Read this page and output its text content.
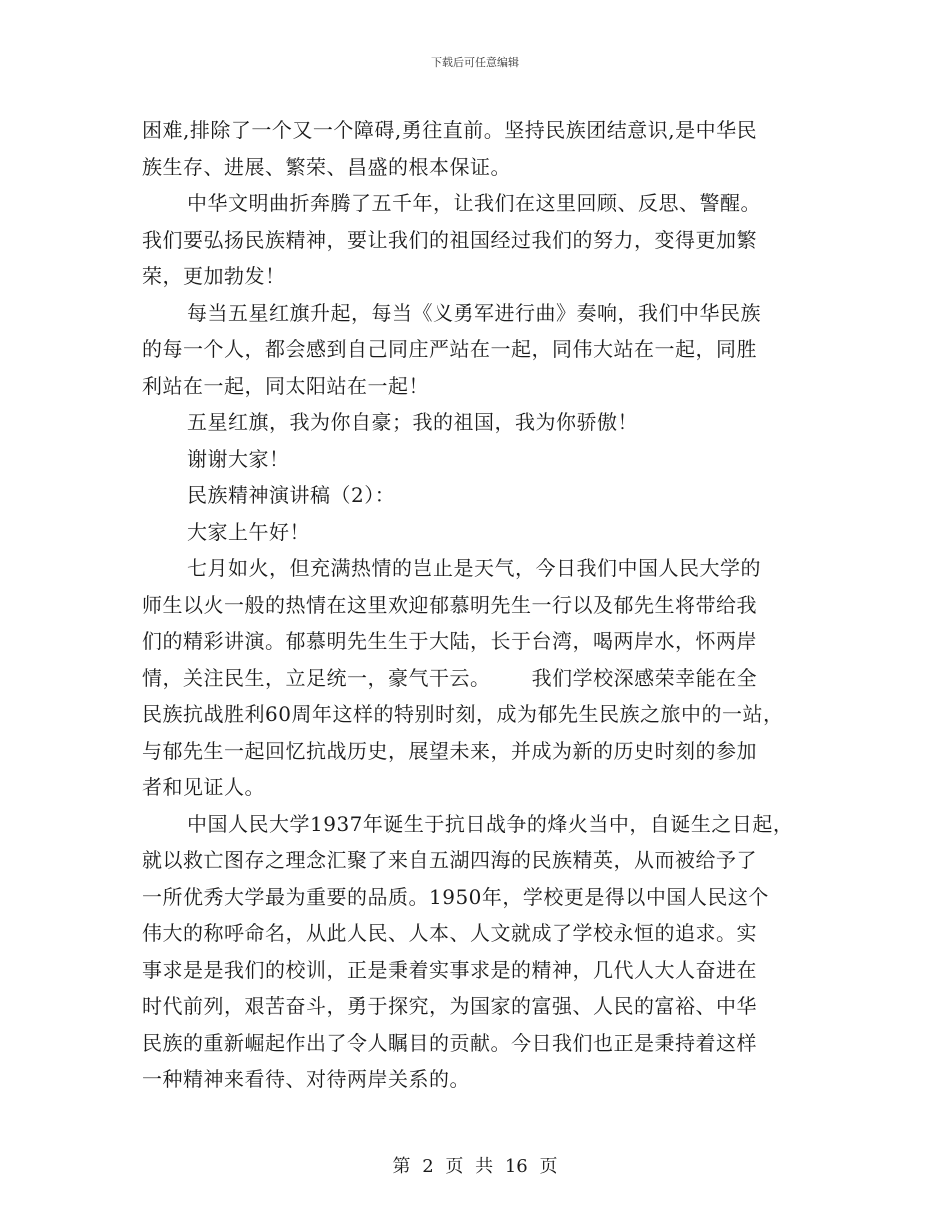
下载后可任意编辑
困难,排除了一个又一个障碍,勇往直前。坚持民族团结意识,是中华民
族生存、进展、繁荣、昌盛的根本保证。
中华文明曲折奔腾了五千年，让我们在这里回顾、反思、警醒。
我们要弘扬民族精神，要让我们的祖国经过我们的努力，变得更加繁
荣，更加勃发！
每当五星红旗升起，每当《义勇军进行曲》奏响，我们中华民族
的每一个人，都会感到自己同庄严站在一起，同伟大站在一起，同胜
利站在一起，同太阳站在一起！
五星红旗，我为你自豪；我的祖国，我为你骄傲！
谢谢大家！
民族精神演讲稿（2）：
大家上午好！
七月如火，但充满热情的岂止是天气，今日我们中国人民大学的
师生以火一般的热情在这里欢迎郁慕明先生一行以及郁先生将带给我
们的精彩讲演。郁慕明先生生于大陆，长于台湾，喝两岸水，怀两岸
情，关注民生，立足统一，豪气干云。      我们学校深感荣幸能在全
民族抗战胜利60周年这样的特别时刻，成为郁先生民族之旅中的一站，
与郁先生一起回忆抗战历史，展望未来，并成为新的历史时刻的参加
者和见证人。
中国人民大学1937年诞生于抗日战争的烽火当中，自诞生之日起，
就以救亡图存之理念汇聚了来自五湖四海的民族精英，从而被给予了
一所优秀大学最为重要的品质。1950年，学校更是得以中国人民这个
伟大的称呼命名，从此人民、人本、人文就成了学校永恒的追求。实
事求是是我们的校训，正是秉着实事求是的精神，几代人大人奋进在
时代前列，艰苦奋斗，勇于探究，为国家的富强、人民的富裕、中华
民族的重新崛起作出了令人瞩目的贡献。今日我们也正是秉持着这样
一种精神来看待、对待两岸关系的。
第 2 页 共 16 页
